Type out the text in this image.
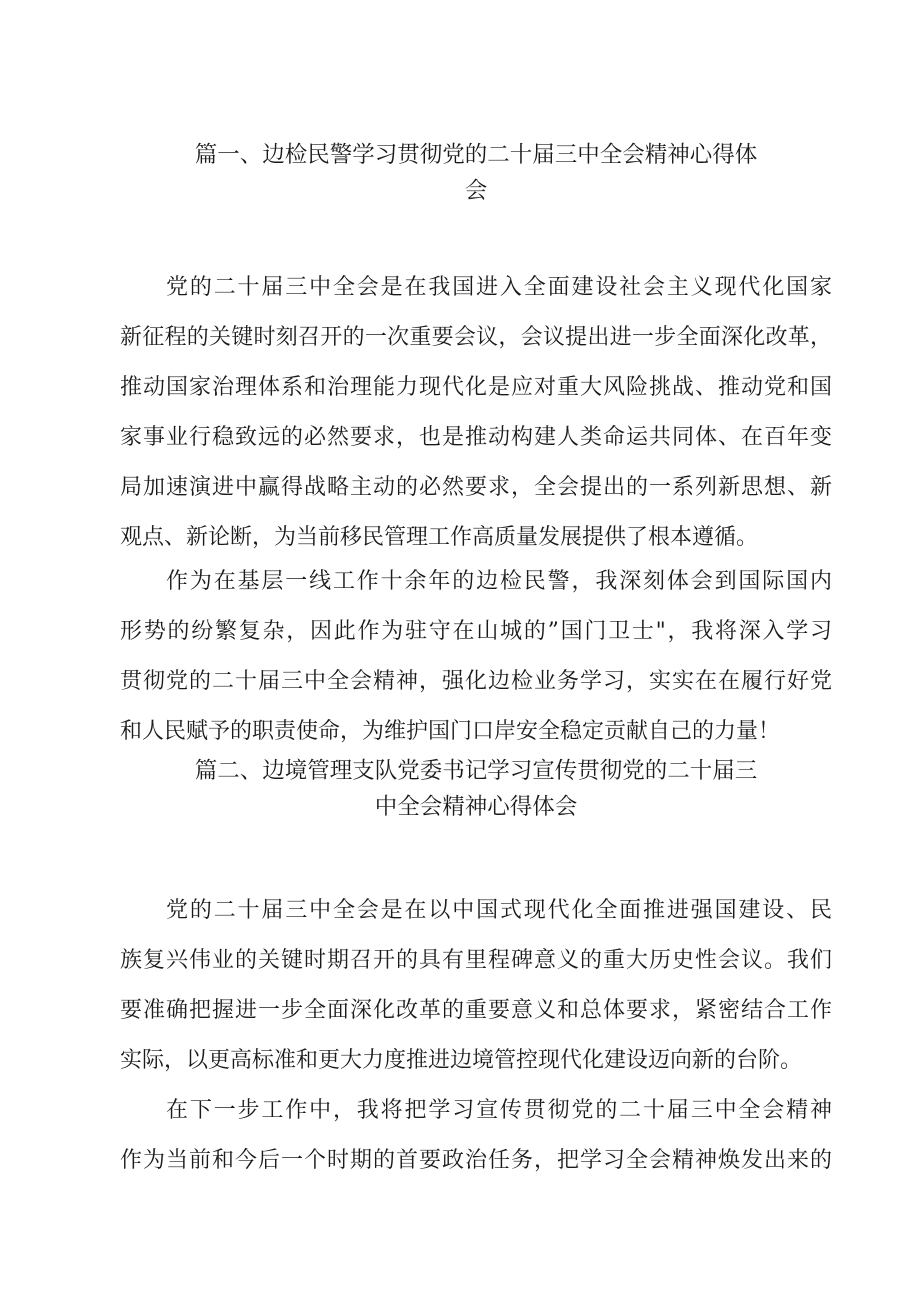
篇一、边检民警学习贯彻党的二十届三中全会精神心得体
会

党的二十届三中全会是在我国进入全面建设社会主义现代化国家

新征程的关键时刻召开的一次重要会议，会议提出进一步全面深化改革，

推动国家治理体系和治理能力现代化是应对重大风险挑战、推动党和国

家事业行稳致远的必然要求，也是推动构建人类命运共同体、在百年变

局加速演进中赢得战略主动的必然要求，全会提出的一系列新思想、新

观点、新论断，为当前移民管理工作高质量发展提供了根本遵循。

作为在基层一线工作十余年的边检民警，我深刻体会到国际国内

形势的纷繁复杂，因此作为驻守在山城的”国门卫士"，我将深入学习

贯彻党的二十届三中全会精神，强化边检业务学习，实实在在履行好党

和人民赋予的职责使命，为维护国门口岸安全稳定贡献自己的力量！

篇二、边境管理支队党委书记学习宣传贯彻党的二十届三
中全会精神心得体会

党的二十届三中全会是在以中国式现代化全面推进强国建设、民

族复兴伟业的关键时期召开的具有里程碑意义的重大历史性会议。我们

要准确把握进一步全面深化改革的重要意义和总体要求，紧密结合工作

实际，以更高标准和更大力度推进边境管控现代化建设迈向新的台阶。

在下一步工作中，我将把学习宣传贯彻党的二十届三中全会精神

作为当前和今后一个时期的首要政治任务，把学习全会精神焕发出来的
